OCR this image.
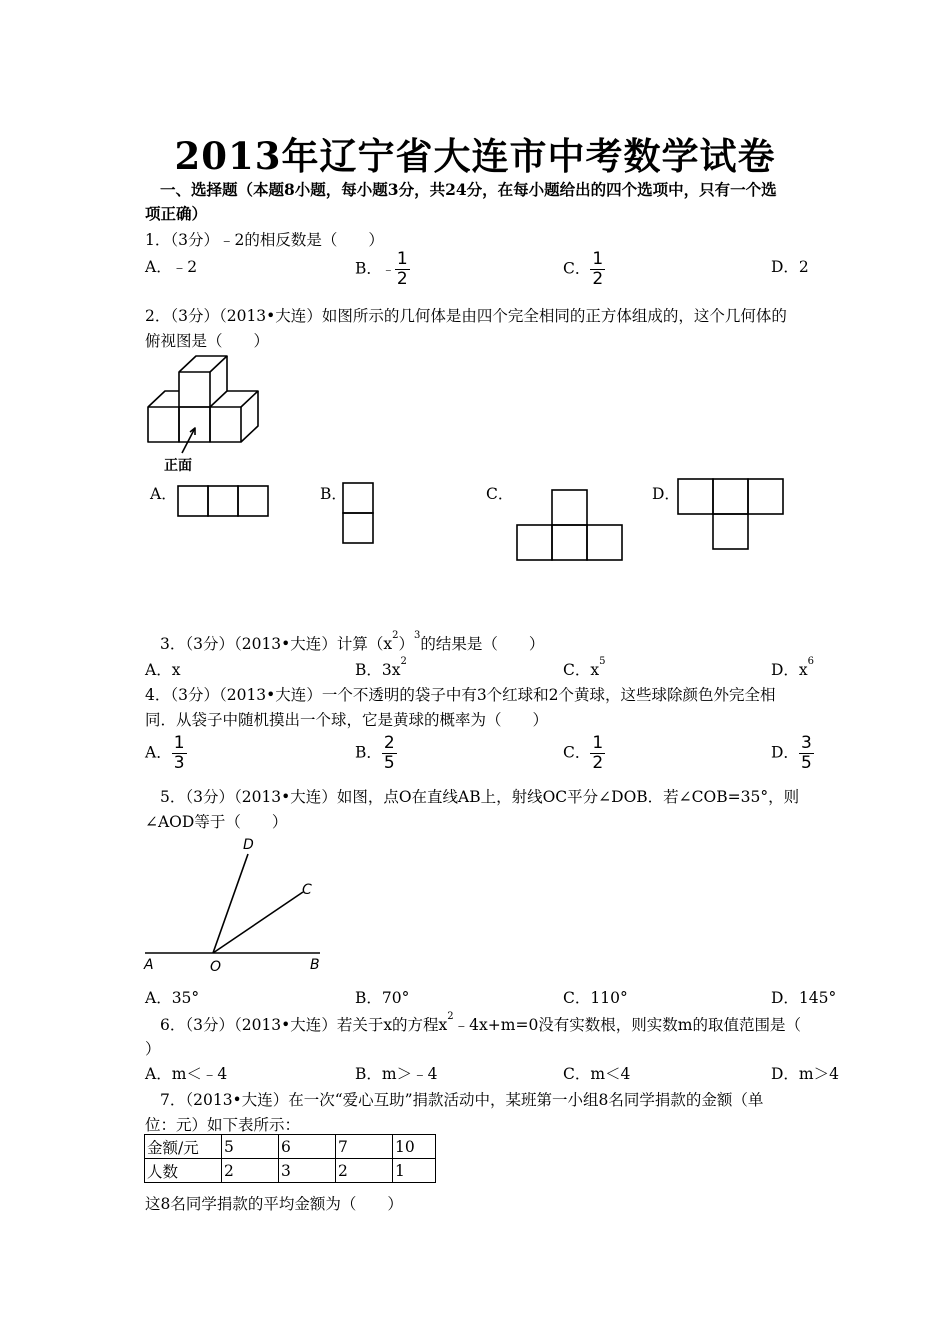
2013年辽宁省大连市中考数学试卷
一、选择题（本题8小题，每小题3分，共24分，在每小题给出的四个选项中，只有一个选
项正确）
1．（3分）﹣2的相反数是（　　）
A．﹣2	B．﹣ $\frac{1}{2}$	C． $\frac{1}{2}$	D．2
2．（3分）（2013•大连）如图所示的几何体是由四个完全相同的正方体组成的，这个几何体的
俯视图是（　　）
正面
A．	B．	C．	D．
3．（3分）（2013•大连）计算$(x^2)^3$的结果是（　　）
A．x	B．$3x^2$	C．$x^5$	D．$x^6$
4．（3分）（2013•大连）一个不透明的袋子中有3个红球和2个黄球，这些球除颜色外完全相
同．从袋子中随机摸出一个球，它是黄球的概率为（　　）
A． $\frac{1}{3}$	B． $\frac{2}{5}$	C． $\frac{1}{2}$	D． $\frac{3}{5}$
5．（3分）（2013•大连）如图，点O在直线AB上，射线OC平分∠DOB．若∠COB=35°，则
∠AOD等于（　　）
A	O	B
C
D
A．35°	B．70°	C．110°	D．145°
6．（3分）（2013•大连）若关于x的方程$x^2﹣4x+m=0$没有实数根，则实数m的取值范围是（
）
A．m＜﹣4	B．m＞﹣4	C．m＜4	D．m＞4
7．（2013•大连）在一次“爱心互助”捐款活动中，某班第一小组8名同学捐款的金额（单
位：元）如下表所示：
金额/元	5	6	7	10
人数	2	3	2	1
这8名同学捐款的平均金额为（　　）
